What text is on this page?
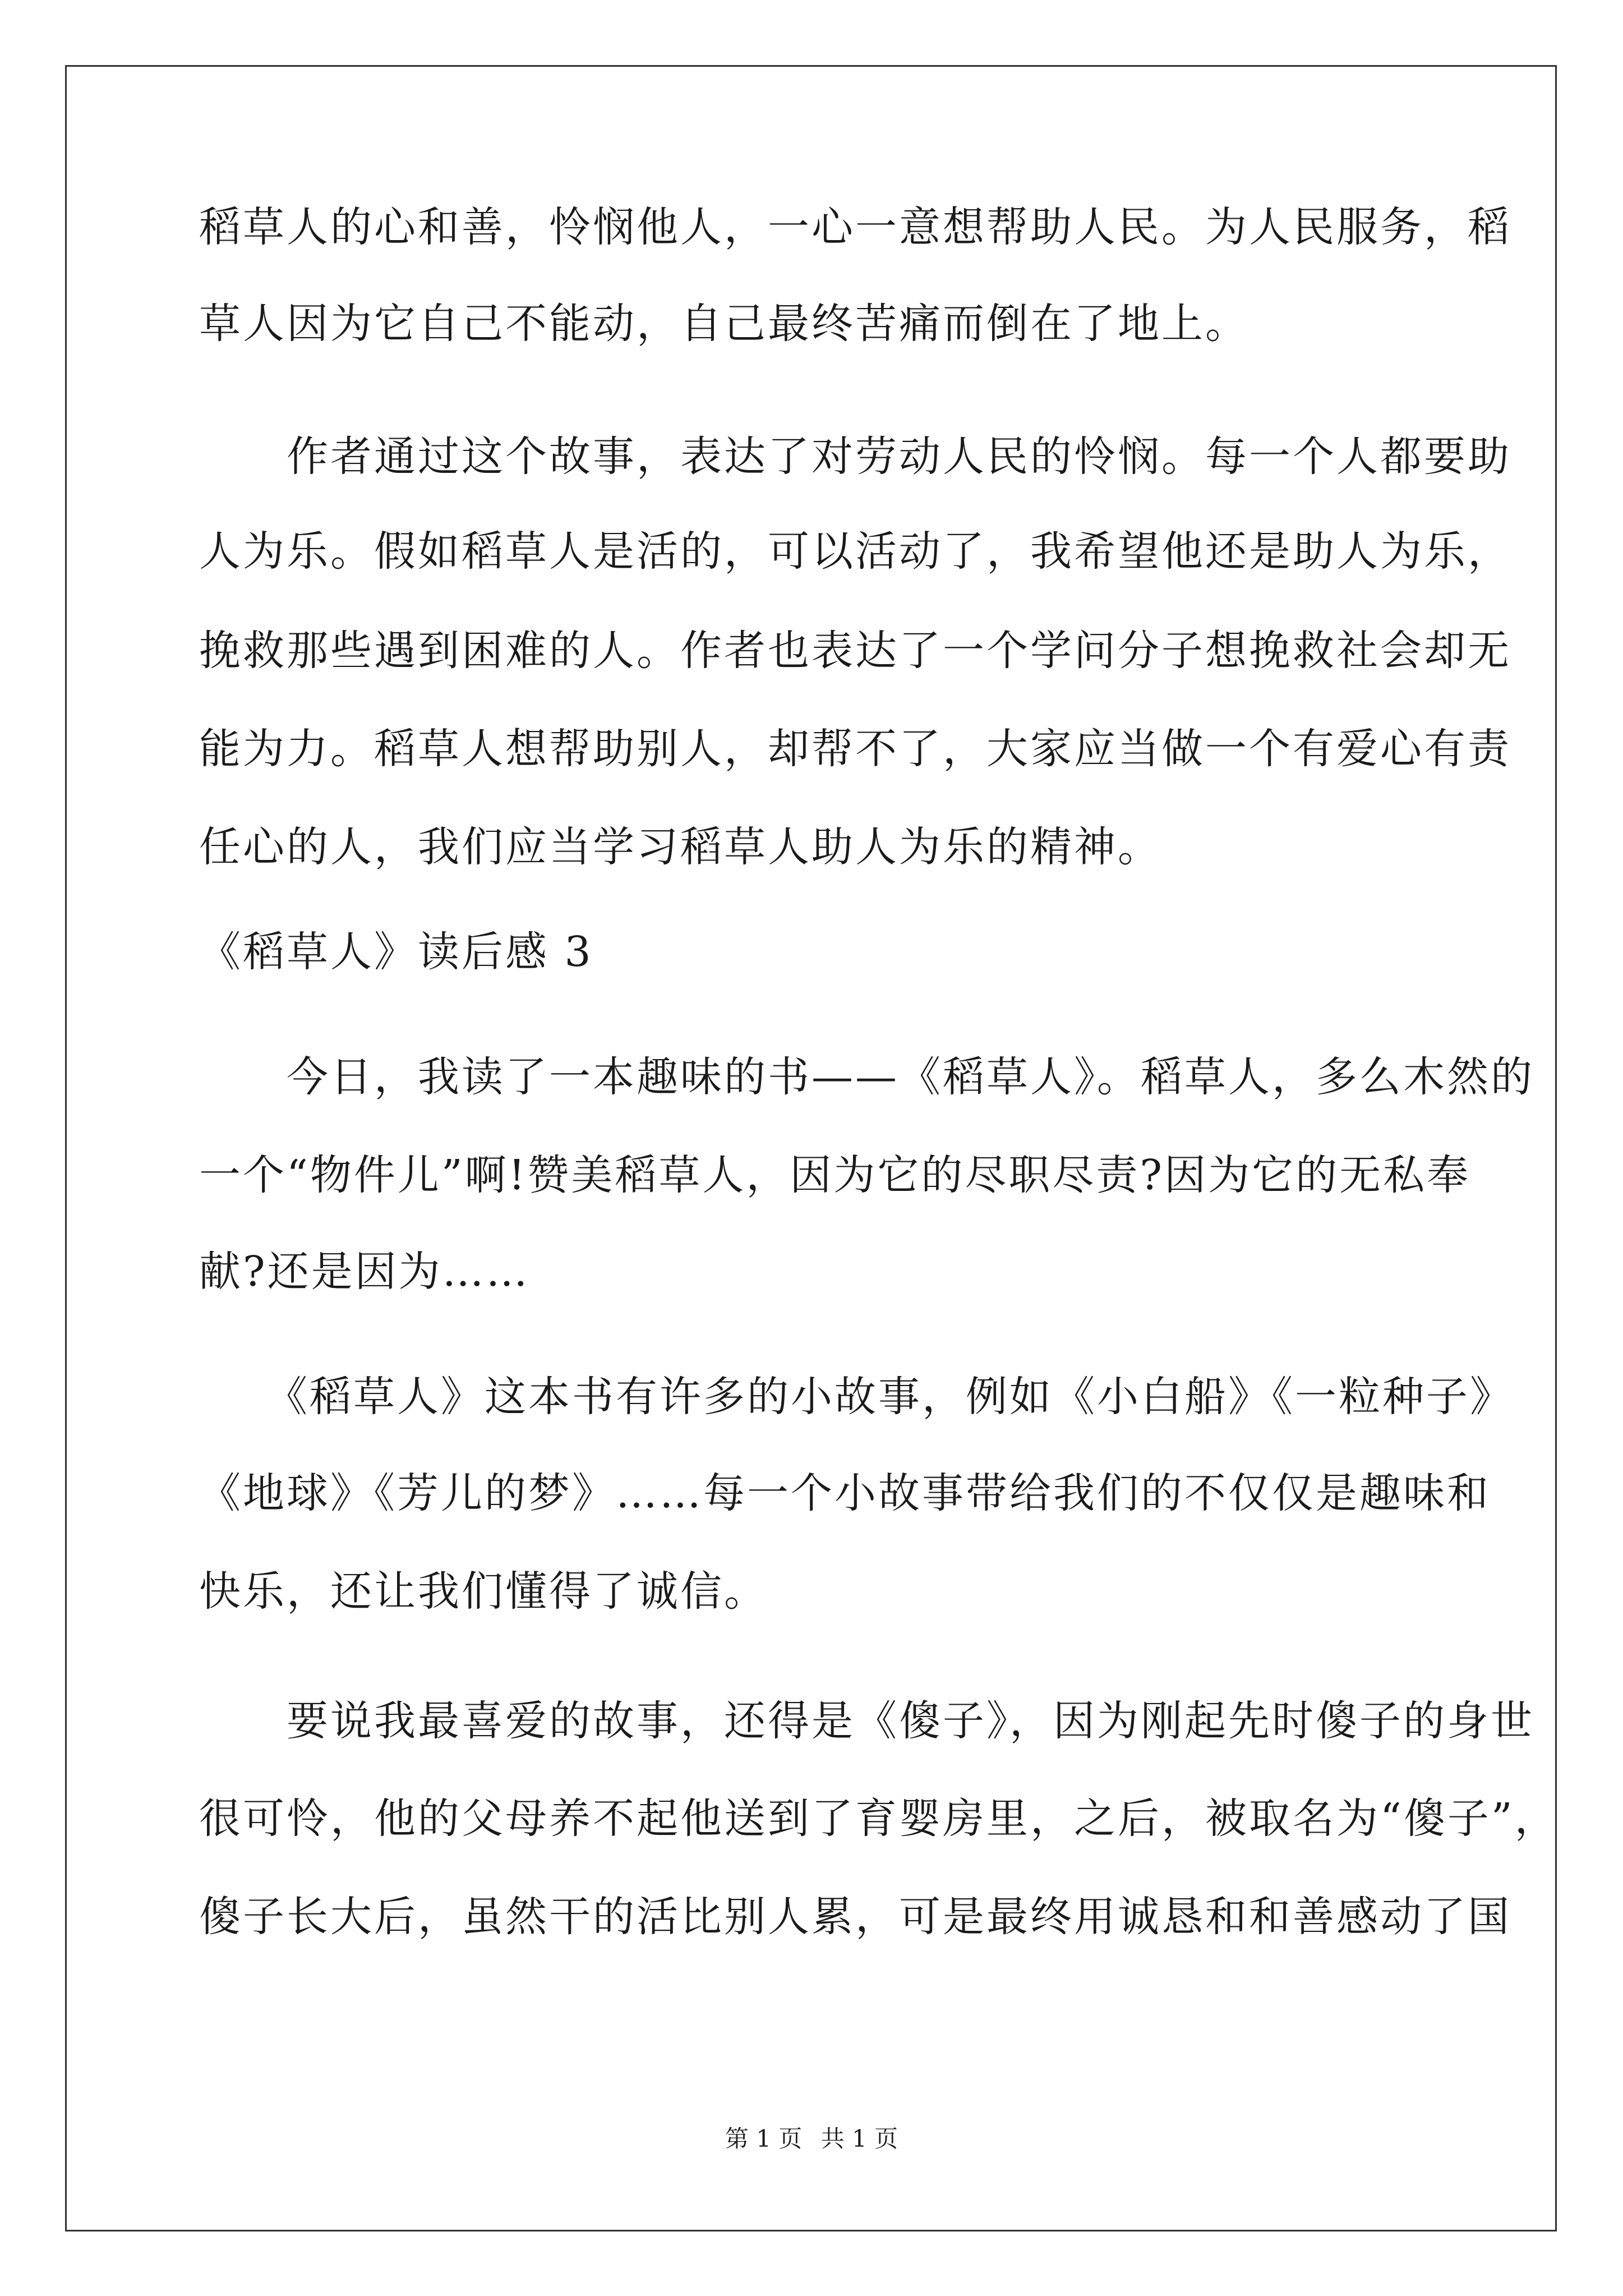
稻草人的心和善，怜悯他人，一心一意想帮助人民。为人民服务，稻
草人因为它自己不能动，自己最终苦痛而倒在了地上。
　　作者通过这个故事，表达了对劳动人民的怜悯。每一个人都要助
人为乐。假如稻草人是活的，可以活动了，我希望他还是助人为乐，
挽救那些遇到困难的人。作者也表达了一个学问分子想挽救社会却无
能为力。稻草人想帮助别人，却帮不了，大家应当做一个有爱心有责
任心的人，我们应当学习稻草人助人为乐的精神。
《稻草人》读后感 3
　　今日，我读了一本趣味的书——《稻草人》。稻草人，多么木然的
一个“物件儿”啊!赞美稻草人，因为它的尽职尽责?因为它的无私奉
献?还是因为……
　　《稻草人》这本书有许多的小故事，例如《小白船》《一粒种子》
《地球》《芳儿的梦》……每一个小故事带给我们的不仅仅是趣味和
快乐，还让我们懂得了诚信。
　　要说我最喜爱的故事，还得是《傻子》，因为刚起先时傻子的身世
很可怜，他的父母养不起他送到了育婴房里，之后，被取名为“傻子”，
傻子长大后，虽然干的活比别人累，可是最终用诚恳和和善感动了国
第 1 页 共 1 页
